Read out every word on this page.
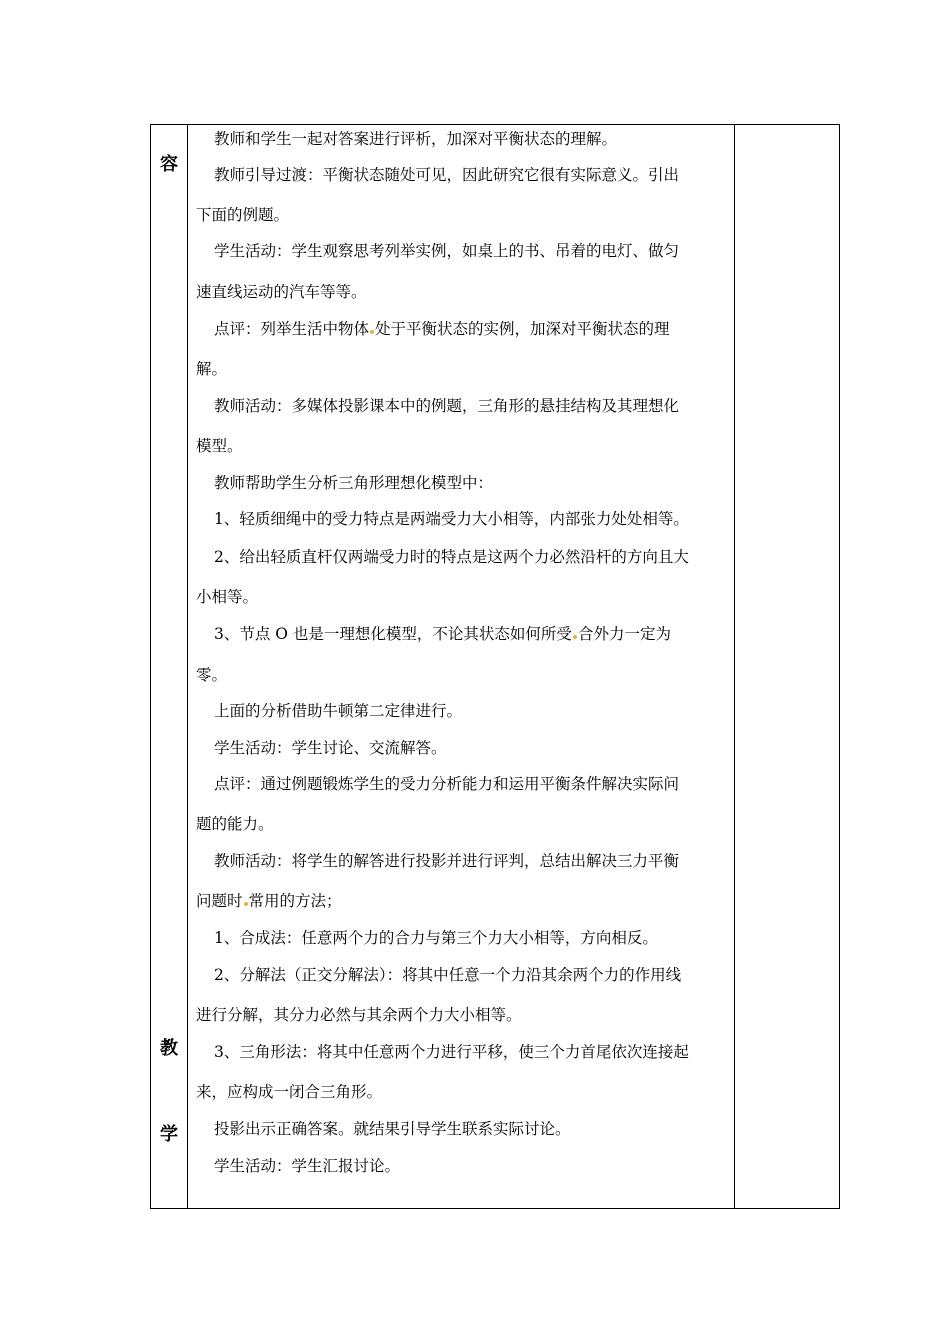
容
教
学
教师和学生一起对答案进行评析，加深对平衡状态的理解。
教师引导过渡：平衡状态随处可见，因此研究它很有实际意义。引出
下面的例题。
学生活动：学生观察思考列举实例，如桌上的书、吊着的电灯、做匀
速直线运动的汽车等等。
点评：列举生活中物体 处于平衡状态的实例，加深对平衡状态的理
解。
教师活动：多媒体投影课本中的例题，三角形的悬挂结构及其理想化
模型。
教师帮助学生分析三角形理想化模型中：
1、轻质细绳中的受力特点是两端受力大小相等，内部张力处处相等。
2、给出轻质直杆仅两端受力时的特点是这两个力必然沿杆的方向且大
小相等。
3、节点 O 也是一理想化模型，不论其状态如何所受 合外力一定为
零。
上面的分析借助牛顿第二定律进行。
学生活动：学生讨论、交流解答。
点评：通过例题锻炼学生的受力分析能力和运用平衡条件解决实际问
题的能力。
教师活动：将学生的解答进行投影并进行评判，总结出解决三力平衡
问题时 常用的方法；
1、合成法：任意两个力的合力与第三个力大小相等，方向相反。
2、分解法（正交分解法）：将其中任意一个力沿其余两个力的作用线
进行分解，其分力必然与其余两个力大小相等。
3、三角形法：将其中任意两个力进行平移，使三个力首尾依次连接起
来，应构成一闭合三角形。
投影出示正确答案。就结果引导学生联系实际讨论。
学生活动：学生汇报讨论。
